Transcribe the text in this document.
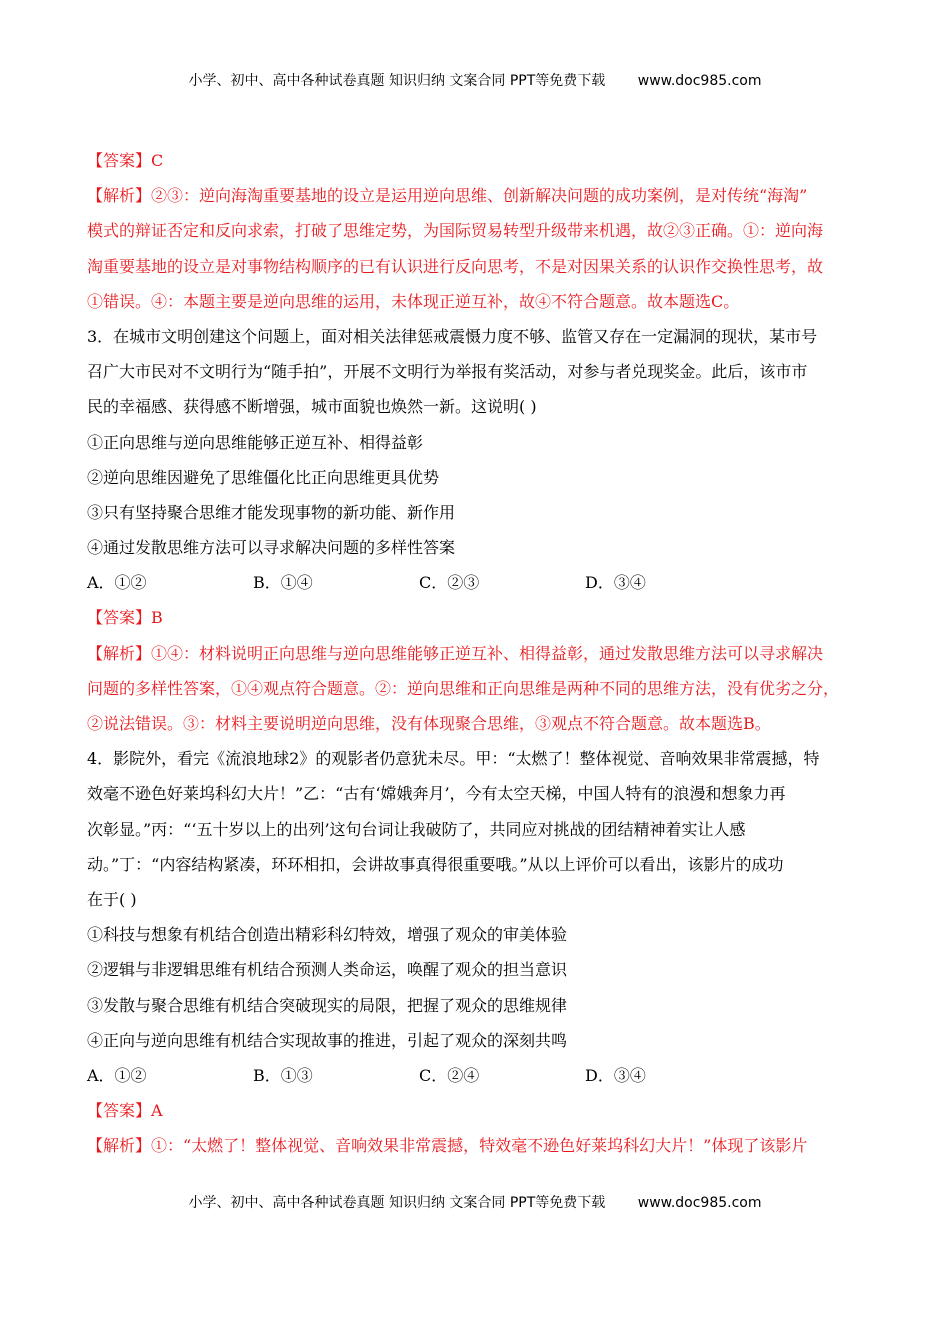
小学、初中、高中各种试卷真题 知识归纳 文案合同 PPT等免费下载 www.doc985.com
【答案】C
【解析】②③：逆向海淘重要基地的设立是运用逆向思维、创新解决问题的成功案例，是对传统“海淘”
模式的辩证否定和反向求索，打破了思维定势，为国际贸易转型升级带来机遇，故②③正确。①：逆向海
淘重要基地的设立是对事物结构顺序的已有认识进行反向思考，不是对因果关系的认识作交换性思考，故
①错误。④：本题主要是逆向思维的运用，未体现正逆互补，故④不符合题意。故本题选C。
3．在城市文明创建这个问题上，面对相关法律惩戒震慑力度不够、监管又存在一定漏洞的现状，某市号
召广大市民对不文明行为“随手拍”，开展不文明行为举报有奖活动，对参与者兑现奖金。此后，该市市
民的幸福感、获得感不断增强，城市面貌也焕然一新。这说明( )
①正向思维与逆向思维能够正逆互补、相得益彰
②逆向思维因避免了思维僵化比正向思维更具优势
③只有坚持聚合思维才能发现事物的新功能、新作用
④通过发散思维方法可以寻求解决问题的多样性答案
A．①②	B．①④	C．②③	D．③④
【答案】B
【解析】①④：材料说明正向思维与逆向思维能够正逆互补、相得益彰，通过发散思维方法可以寻求解决
问题的多样性答案，①④观点符合题意。②：逆向思维和正向思维是两种不同的思维方法，没有优劣之分，
②说法错误。③：材料主要说明逆向思维，没有体现聚合思维，③观点不符合题意。故本题选B。
4．影院外，看完《流浪地球2》的观影者仍意犹未尽。甲：“太燃了！整体视觉、音响效果非常震撼，特
效毫不逊色好莱坞科幻大片！”乙：“古有‘嫦娥奔月’，今有太空天梯，中国人特有的浪漫和想象力再
次彰显。”丙：“‘五十岁以上的出列’这句台词让我破防了，共同应对挑战的团结精神着实让人感
动。”丁：“内容结构紧凑，环环相扣，会讲故事真得很重要哦。”从以上评价可以看出，该影片的成功
在于( )
①科技与想象有机结合创造出精彩科幻特效，增强了观众的审美体验
②逻辑与非逻辑思维有机结合预测人类命运，唤醒了观众的担当意识
③发散与聚合思维有机结合突破现实的局限，把握了观众的思维规律
④正向与逆向思维有机结合实现故事的推进，引起了观众的深刻共鸣
A．①②	B．①③	C．②④	D．③④
【答案】A
【解析】①：“太燃了！整体视觉、音响效果非常震撼，特效毫不逊色好莱坞科幻大片！”体现了该影片
小学、初中、高中各种试卷真题 知识归纳 文案合同 PPT等免费下载 www.doc985.com
